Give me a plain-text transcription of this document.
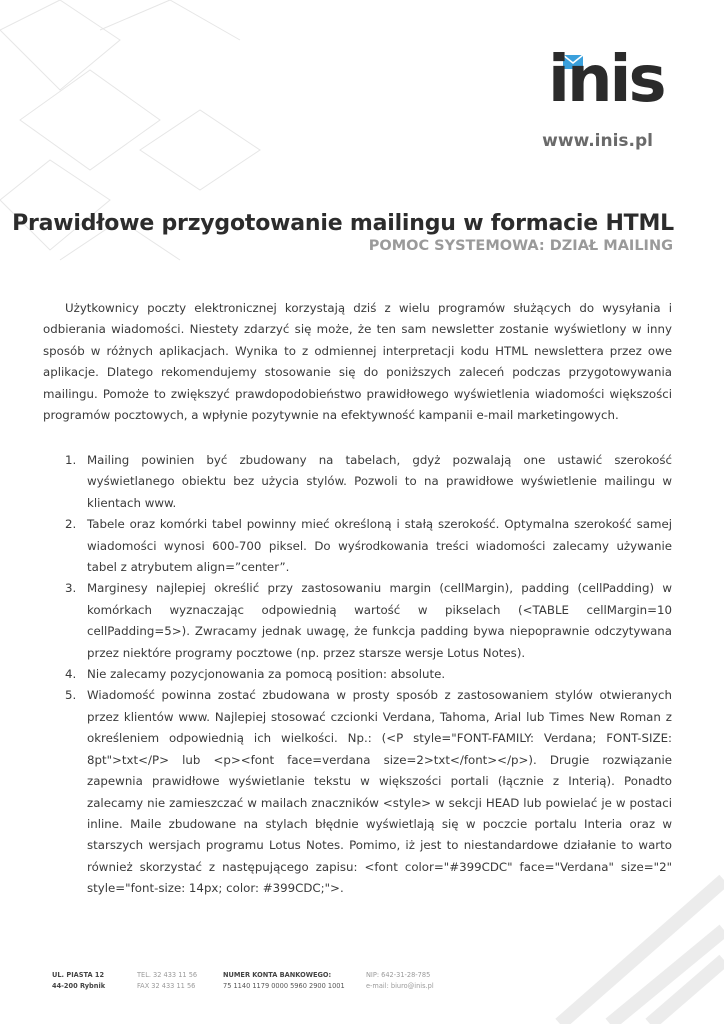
inis
www.inis.pl
Prawidłowe przygotowanie mailingu w formacie HTML
POMOC SYSTEMOWA: DZIAŁ MAILING

Użytkownicy poczty elektronicznej korzystają dziś z wielu programów służących do wysyłania i odbierania wiadomości. Niestety zdarzyć się może, że ten sam newsletter zostanie wyświetlony w inny sposób w różnych aplikacjach. Wynika to z odmiennej interpretacji kodu HTML newslettera przez owe aplikacje. Dlatego rekomendujemy stosowanie się do poniższych zaleceń podczas przygotowywania mailingu. Pomoże to zwiększyć prawdopodobieństwo prawidłowego wyświetlenia wiadomości większości programów pocztowych, a wpłynie pozytywnie na efektywność kampanii e-mail marketingowych.

1. Mailing powinien być zbudowany na tabelach, gdyż pozwalają one ustawić szerokość wyświetlanego obiektu bez użycia stylów. Pozwoli to na prawidłowe wyświetlenie mailingu w klientach www.
2. Tabele oraz komórki tabel powinny mieć określoną i stałą szerokość. Optymalna szerokość samej wiadomości wynosi 600-700 piksel. Do wyśrodkowania treści wiadomości zalecamy używanie tabel z atrybutem align=”center”.
3. Marginesy najlepiej określić przy zastosowaniu margin (cellMargin), padding (cellPadding) w komórkach wyznaczając odpowiednią wartość w pikselach (<TABLE cellMargin=10 cellPadding=5>). Zwracamy jednak uwagę, że funkcja padding bywa niepoprawnie odczytywana przez niektóre programy pocztowe (np. przez starsze wersje Lotus Notes).
4. Nie zalecamy pozycjonowania za pomocą position: absolute.
5. Wiadomość powinna zostać zbudowana w prosty sposób z zastosowaniem stylów otwieranych przez klientów www. Najlepiej stosować czcionki Verdana, Tahoma, Arial lub Times New Roman z określeniem odpowiednią ich wielkości. Np.: (<P style="FONT-FAMILY: Verdana; FONT-SIZE: 8pt">txt</P> lub <p><font face=verdana size=2>txt</font></p>). Drugie rozwiązanie zapewnia prawidłowe wyświetlanie tekstu w większości portali (łącznie z Interią). Ponadto zalecamy nie zamieszczać w mailach znaczników <style> w sekcji HEAD lub powielać je w postaci inline. Maile zbudowane na stylach błędnie wyświetlają się w poczcie portalu Interia oraz w starszych wersjach programu Lotus Notes. Pomimo, iż jest to niestandardowe działanie to warto również skorzystać z następującego zapisu: <font color="#399CDC" face="Verdana" size="2" style="font-size: 14px; color: #399CDC;">.
UL. PIASTA 12
44-200 Rybnik
TEL. 32 433 11 56
FAX 32 433 11 56
NUMER KONTA BANKOWEGO:
75 1140 1179 0000 5960 2900 1001
NIP: 642-31-28-785
e-mail: biuro@inis.pl
